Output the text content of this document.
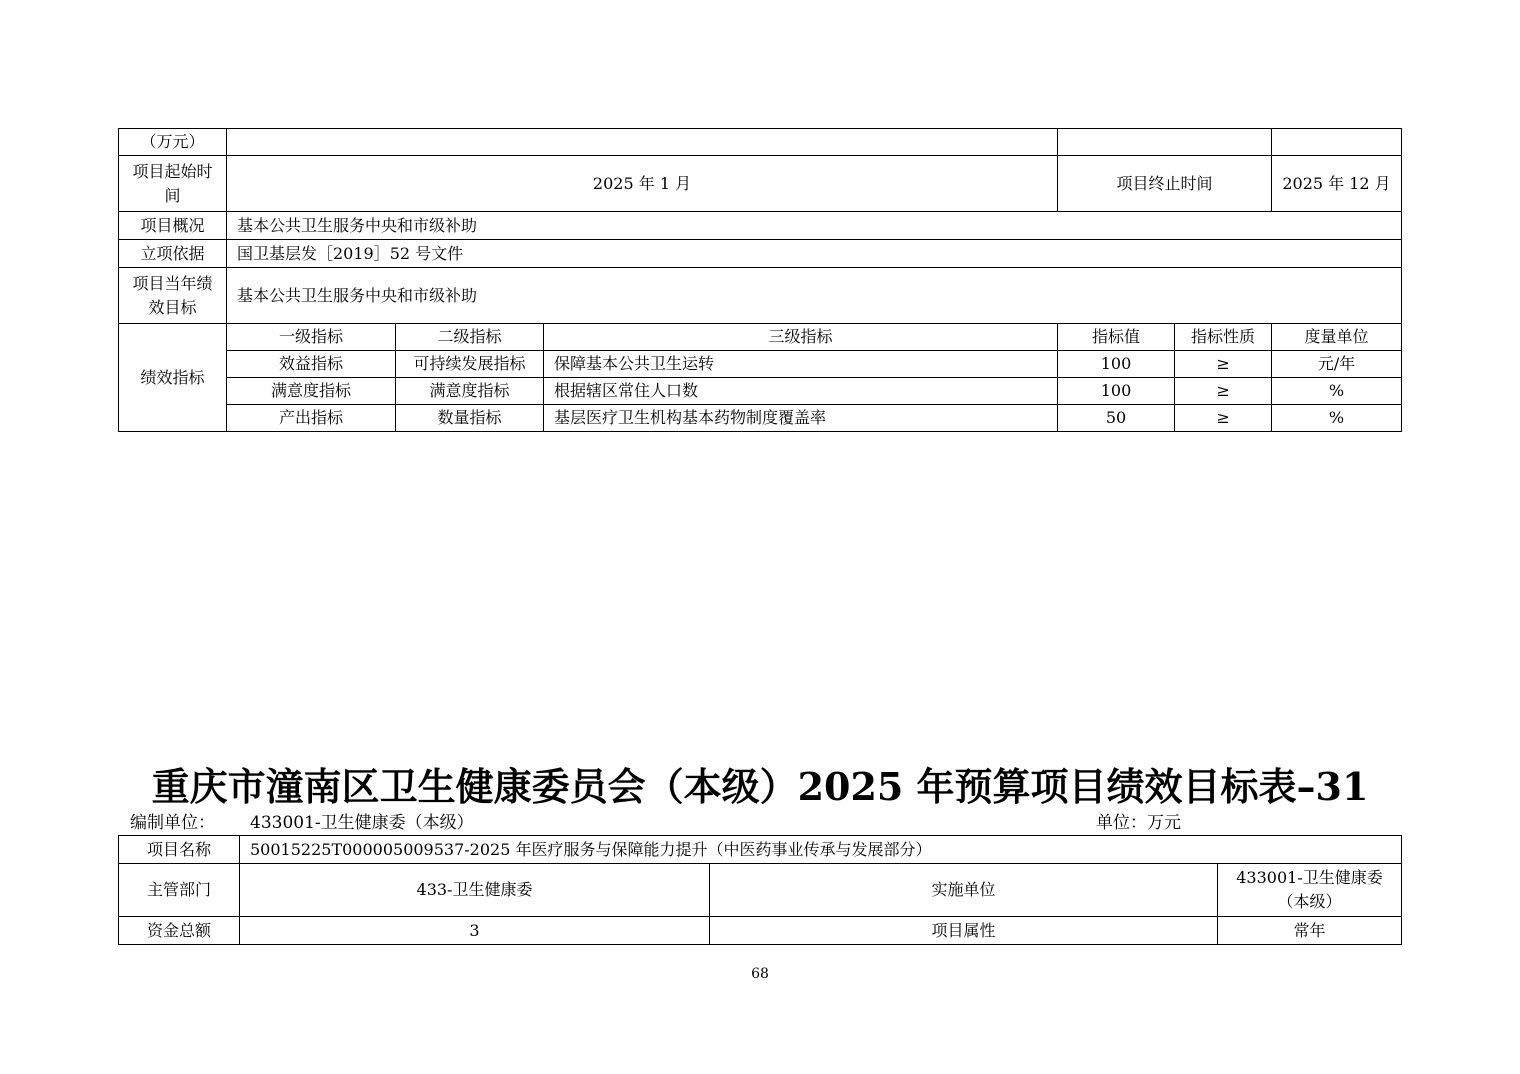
（万元）						
项目起始时间	2025 年 1 月			项目终止时间		2025 年 12 月
项目概况	基本公共卫生服务中央和市级补助					
立项依据	国卫基层发［2019］52 号文件					
项目当年绩效目标	基本公共卫生服务中央和市级补助					
绩效指标	一级指标	二级指标	三级指标	指标值	指标性质	度量单位
	效益指标	可持续发展指标	保障基本公共卫生运转	100	≥	元/年
	满意度指标	满意度指标	根据辖区常住人口数	100	≥	%
	产出指标	数量指标	基层医疗卫生机构基本药物制度覆盖率	50	≥	%
重庆市潼南区卫生健康委员会（本级）2025 年预算项目绩效目标表–31
编制单位： 433001-卫生健康委（本级）	单位：万元
项目名称	50015225T000005009537-2025 年医疗服务与保障能力提升（中医药事业传承与发展部分）		
主管部门	433-卫生健康委	实施单位	433001-卫生健康委（本级）
资金总额	3	项目属性	常年
68
